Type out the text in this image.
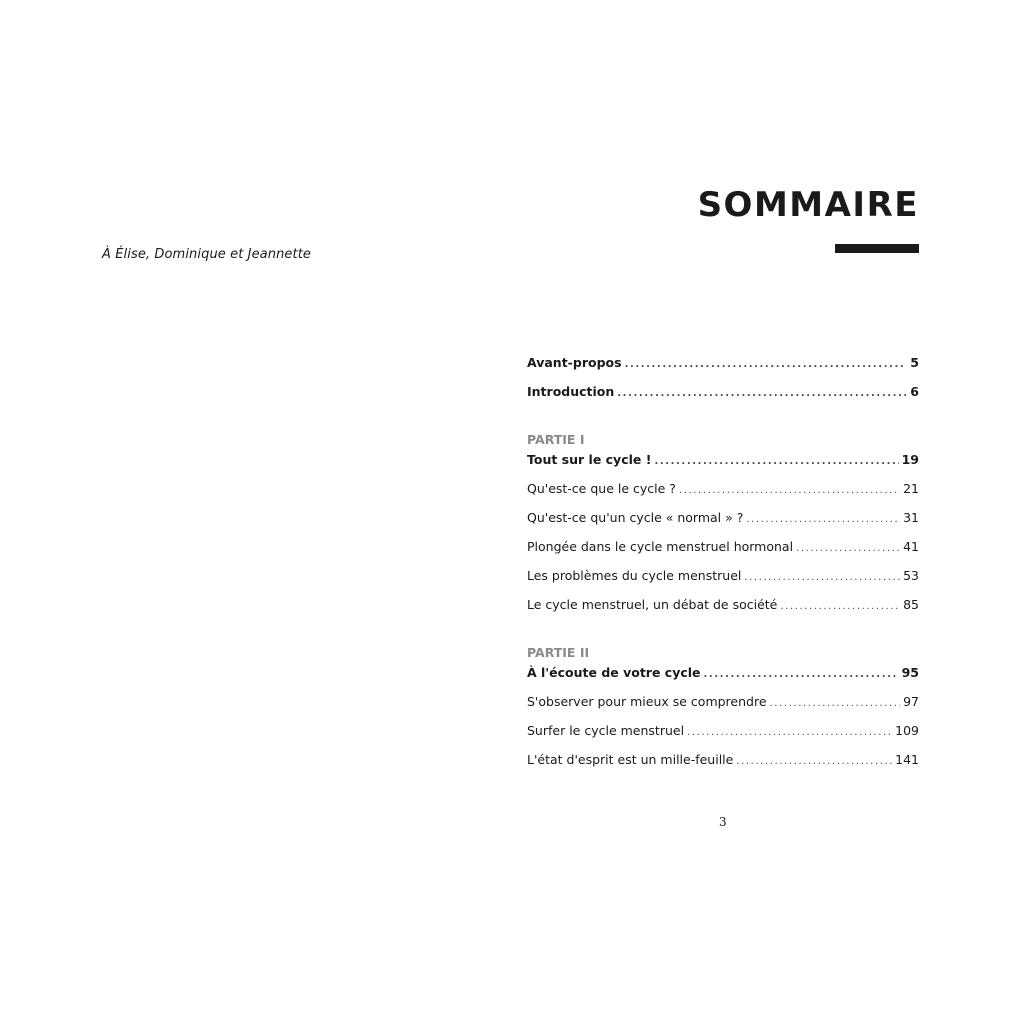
À Élise, Dominique et Jeannette
SOMMAIRE
Avant-propos .....	5
Introduction .....	6
PARTIE I
Tout sur le cycle ! .....	19
Qu'est-ce que le cycle ? .....	21
Qu'est-ce qu'un cycle « normal » ? .....	31
Plongée dans le cycle menstruel hormonal .....	41
Les problèmes du cycle menstruel .....	53
Le cycle menstruel, un débat de société .....	85
PARTIE II
À l'écoute de votre cycle .....	95
S'observer pour mieux se comprendre .....	97
Surfer le cycle menstruel .....	109
L'état d'esprit est un mille-feuille .....	141
3
